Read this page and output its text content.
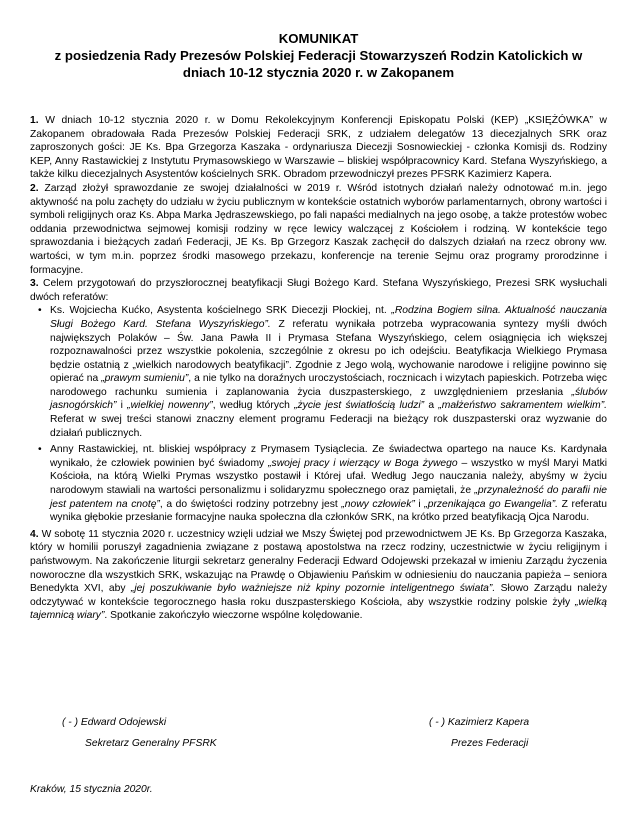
KOMUNIKAT
z posiedzenia Rady Prezesów Polskiej Federacji Stowarzyszeń Rodzin Katolickich w
dniach 10-12 stycznia 2020 r. w Zakopanem

1. W dniach 10-12 stycznia 2020 r. w Domu Rekolekcyjnym Konferencji Episkopatu Polski (KEP) „KSIĘŻÓWKA” w Zakopanem obradowała Rada Prezesów Polskiej Federacji SRK, z udziałem delegatów 13 diecezjalnych SRK oraz zaproszonych gości: JE Ks. Bpa Grzegorza Kaszaka - ordynariusza Diecezji Sosnowieckiej - członka Komisji ds. Rodziny KEP, Anny Rastawickiej z Instytutu Prymasowskiego w Warszawie – bliskiej współpracownicy Kard. Stefana Wyszyńskiego, a także kilku diecezjalnych Asystentów kościelnych SRK. Obradom przewodniczył prezes PFSRK Kazimierz Kapera.

2. Zarząd złożył sprawozdanie ze swojej działalności w 2019 r. Wśród istotnych działań należy odnotować m.in. jego aktywność na polu zachęty do udziału w życiu publicznym w kontekście ostatnich wyborów parlamentarnych, obrony wartości i symboli religijnych oraz Ks. Abpa Marka Jędraszewskiego, po fali napaści medialnych na jego osobę, a także protestów wobec oddania przewodnictwa sejmowej komisji rodziny w ręce lewicy walczącej z Kościołem i rodziną. W kontekście tego sprawozdania i bieżących zadań Federacji, JE Ks. Bp Grzegorz Kaszak zachęcił do dalszych działań na rzecz obrony ww. wartości, w tym m.in. poprzez środki masowego przekazu, konferencje na terenie Sejmu oraz programy prorodzinne i formacyjne.

3. Celem przygotowań do przyszłorocznej beatyfikacji Sługi Bożego Kard. Stefana Wyszyńskiego, Prezesi SRK wysłuchali dwóch referatów:

• Ks. Wojciecha Kućko, Asystenta kościelnego SRK Diecezji Płockiej, nt. „Rodzina Bogiem silna. Aktualność nauczania Sługi Bożego Kard. Stefana Wyszyńskiego”. Z referatu wynikała potrzeba wypracowania syntezy myśli dwóch największych Polaków – Św. Jana Pawła II i Prymasa Stefana Wyszyńskiego, celem osiągnięcia ich większej rozpoznawalności przez wszystkie pokolenia, szczególnie z okresu po ich odejściu. Beatyfikacja Wielkiego Prymasa będzie ostatnią z „wielkich narodowych beatyfikacji”. Zgodnie z Jego wolą, wychowanie narodowe i religijne powinno się opierać na „prawym sumieniu”, a nie tylko na doraźnych uroczystościach, rocznicach i wizytach papieskich. Potrzeba więc narodowego rachunku sumienia i zaplanowania życia duszpasterskiego, z uwzględnieniem przesłania „ślubów jasnogórskich” i „wielkiej nowenny”, według których „życie jest światłością ludzi” a „małżeństwo sakramentem wielkim”. Referat w swej treści stanowi znaczny element programu Federacji na bieżący rok duszpasterski oraz wyzwanie do działań publicznych.
• Anny Rastawickiej, nt. bliskiej współpracy z Prymasem Tysiąclecia. Ze świadectwa opartego na nauce Ks. Kardynała wynikało, że człowiek powinien być świadomy „swojej pracy i wierzący w Boga żywego – wszystko w myśl Maryi Matki Kościoła, na którą Wielki Prymas wszystko postawił i Której ufał. Według Jego nauczania należy, abyśmy w życiu narodowym stawiali na wartości personalizmu i solidaryzmu społecznego oraz pamiętali, że „przynależność do parafii nie jest patentem na cnotę”, a do świętości rodziny potrzebny jest „nowy człowiek” i „przenikająca go Ewangelia”. Z referatu wynika głębokie przesłanie formacyjne nauka społeczna dla członków SRK, na krótko przed beatyfikacją Ojca Narodu.

4. W sobotę 11 stycznia 2020 r. uczestnicy wzięli udział we Mszy Świętej pod przewodnictwem JE Ks. Bp Grzegorza Kaszaka, który w homilii poruszył zagadnienia związane z postawą apostolstwa na rzecz rodziny, uczestnictwie w życiu religijnym i państwowym. Na zakończenie liturgii sekretarz generalny Federacji Edward Odojewski przekazał w imieniu Zarządu życzenia noworoczne dla wszystkich SRK, wskazując na Prawdę o Objawieniu Pańskim w odniesieniu do nauczania papieża – seniora Benedykta XVI, aby „jej poszukiwanie było ważniejsze niż kpiny pozornie inteligentnego świata”. Słowo Zarządu należy odczytywać w kontekście tegorocznego hasła roku duszpasterskiego Kościoła, aby wszystkie rodziny polskie żyły „wielką tajemnicą wiary”. Spotkanie zakończyło wieczorne wspólne kolędowanie.

( - ) Edward Odojewski
Sekretarz Generalny PFSRK
( - ) Kazimierz Kapera
Prezes Federacji
Kraków, 15 stycznia 2020r.
